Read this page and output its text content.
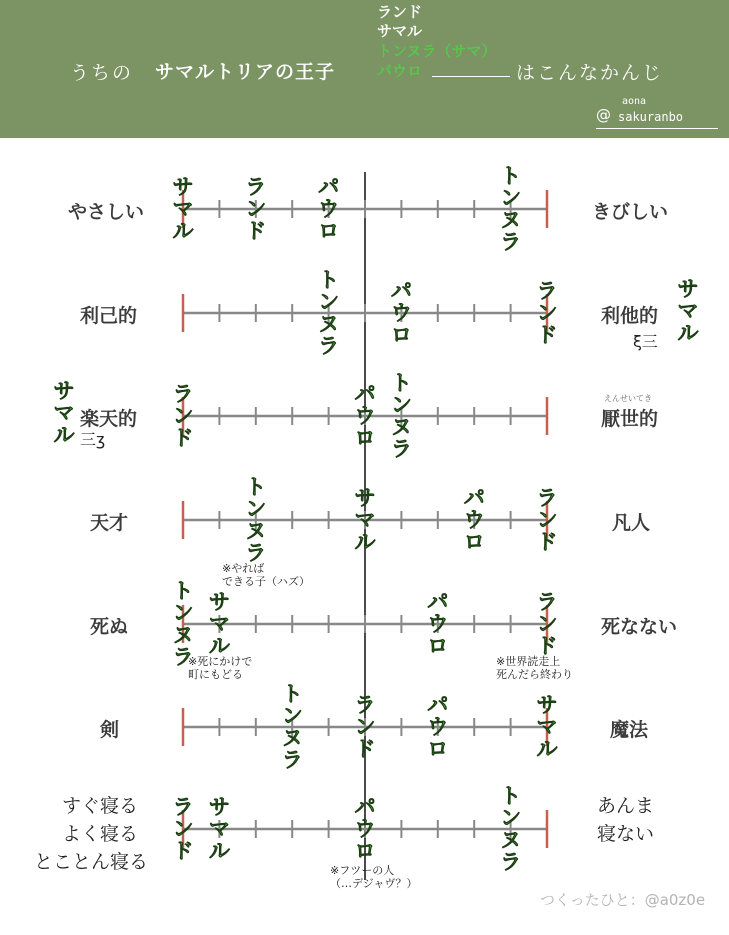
うちの サマルトリアの王子
ランド
サマル
トンヌラ（サマ）
パウロ	はこんなかんじ
@
aona
sakuranbo
やさしい	きびしい
利己的	利他的
楽天的	厭世的
えんせいてき
天才	凡人
死ぬ	死なない
剣	魔法
すぐ寝る
よく寝る
とことん寝る
あんま
寝ない
サマル
ξ三
サマル 三ʒ
※やれば
できる子（ハズ）
※死にかけで
町にもどる
※世界読走上
死んだら終わり
※フツーの人
（…デジャヴ？）
つくったひと：@a0z0e
サマル
ランド
パウロ
トンヌラ
トンヌラ
パウロ
ランド
ランド
パウロ
トンヌラ
トンヌラ
サマル
パウロ
ランド
トンヌラ
サマル
パウロ
ランド
トンヌラ
ランド
パウロ
サマル
ランド
サマル
パウロ
トンヌラ
